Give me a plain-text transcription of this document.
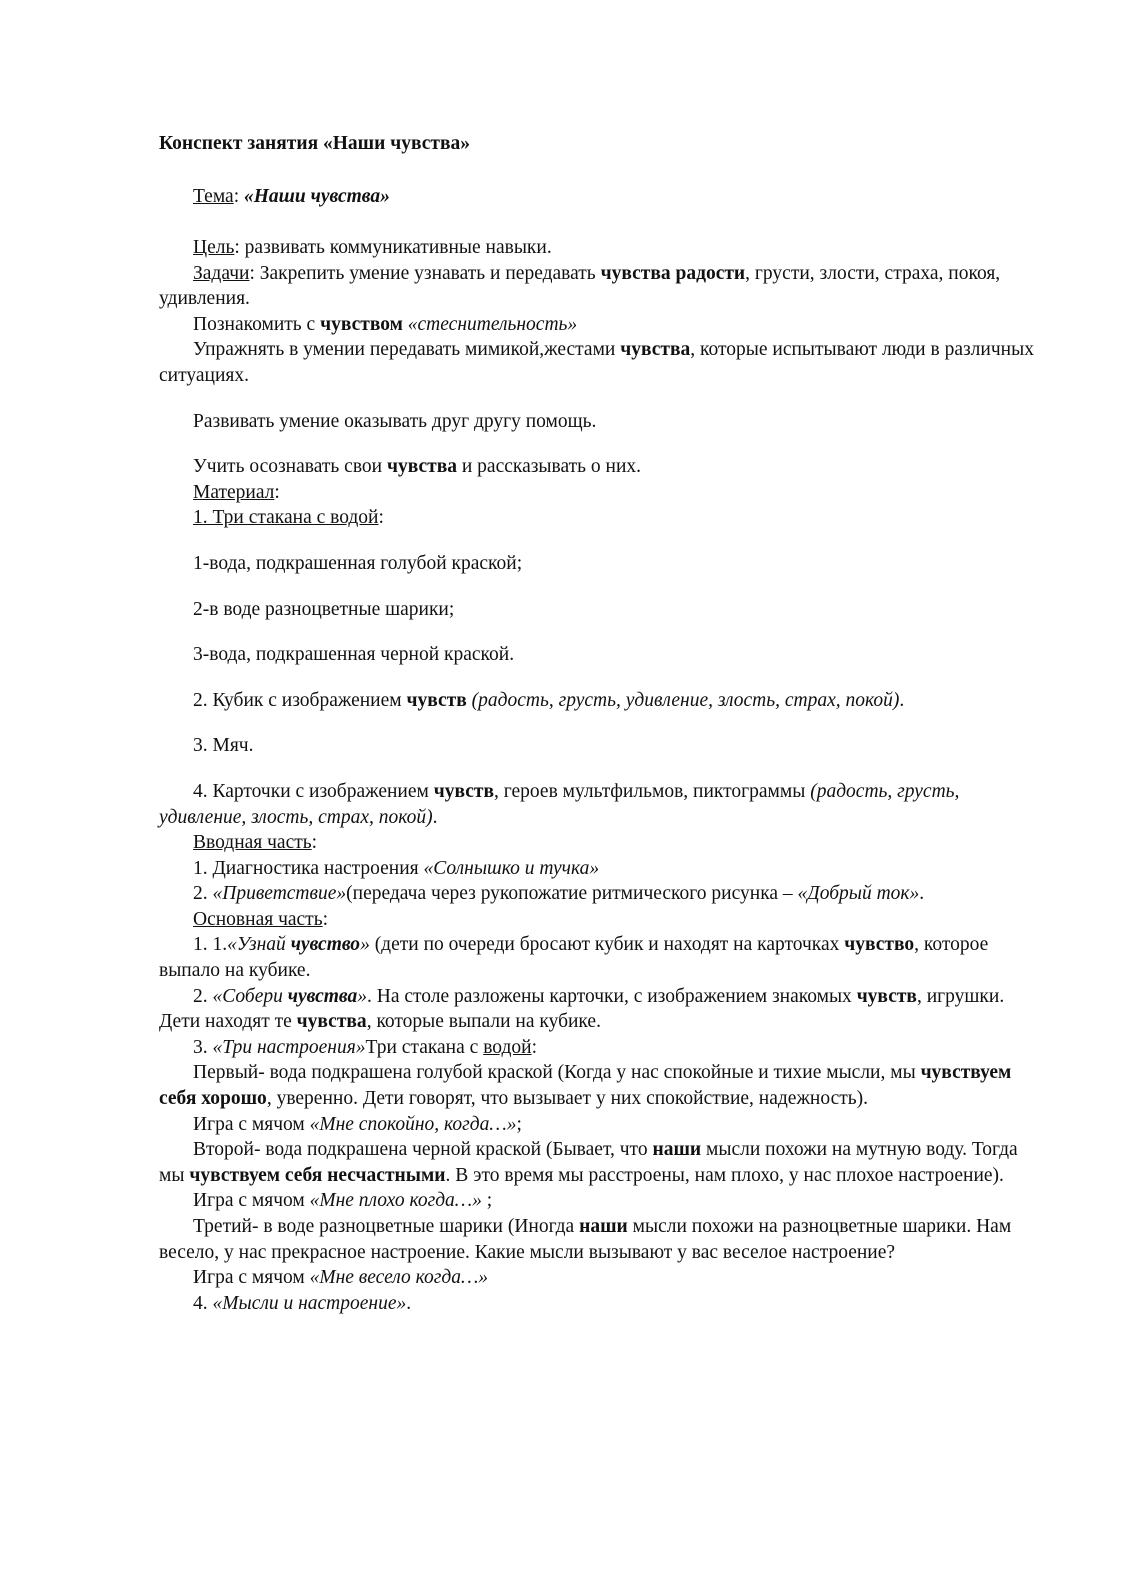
Конспект занятия «Наши чувства»
Тема: «Наши чувства»

Цель: развивать коммуникативные навыки.

Задачи: Закрепить умение узнавать и передавать чувства радости, грусти, злости, страха, покоя, удивления.

Познакомить с чувством «стеснительность»

Упражнять в умении передавать мимикой,жестами чувства, которые испытывают люди в различных ситуациях.

Развивать умение оказывать друг другу помощь.

Учить осознавать свои чувства и рассказывать о них.

Материал:

1. Три стакана с водой:

1-вода, подкрашенная голубой краской;

2-в воде разноцветные шарики;

3-вода, подкрашенная черной краской.

2. Кубик с изображением чувств (радость, грусть, удивление, злость, страх, покой).

3. Мяч.

4. Карточки с изображением чувств, героев мультфильмов, пиктограммы (радость, грусть, удивление, злость, страх, покой).

Вводная часть:

1. Диагностика настроения «Солнышко и тучка»

2. «Приветствие»(передача через рукопожатие ритмического рисунка – «Добрый ток».

Основная часть:

1. 1.«Узнай чувство» (дети по очереди бросают кубик и находят на карточках чувство, которое выпало на кубике.

2. «Собери чувства». На столе разложены карточки, с изображением знакомых чувств, игрушки. Дети находят те чувства, которые выпали на кубике.

3. «Три настроения»Три стакана с водой:

Первый- вода подкрашена голубой краской (Когда у нас спокойные и тихие мысли, мы чувствуем себя хорошо, уверенно. Дети говорят, что вызывает у них спокойствие, надежность).

Игра с мячом «Мне спокойно, когда…»;

Второй- вода подкрашена черной краской (Бывает, что наши мысли похожи на мутную воду. Тогда мы чувствуем себя несчастными. В это время мы расстроены, нам плохо, у нас плохое настроение).

Игра с мячом «Мне плохо когда…» ;

Третий- в воде разноцветные шарики (Иногда наши мысли похожи на разноцветные шарики. Нам весело, у нас прекрасное настроение. Какие мысли вызывают у вас веселое настроение?

Игра с мячом «Мне весело когда…»

4. «Мысли и настроение».
